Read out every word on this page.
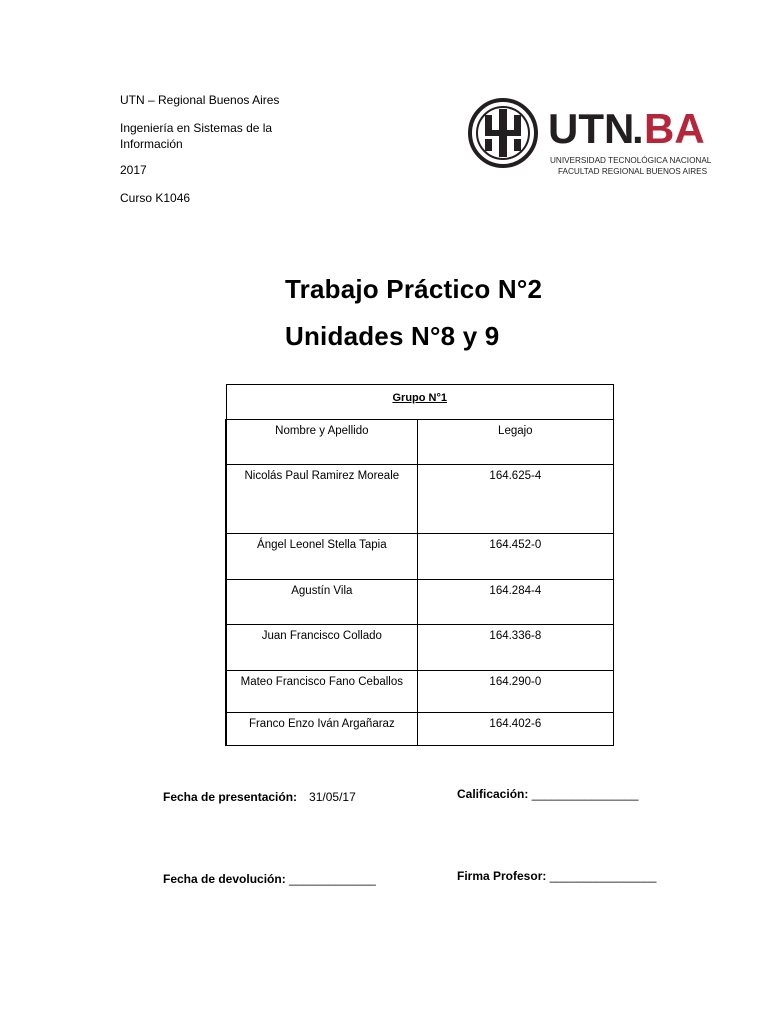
UTN – Regional Buenos Aires
Ingeniería en Sistemas de la Información
2017
Curso K1046
UTN
. BA
UNIVERSIDAD TECNOLÓGICA NACIONAL
FACULTAD REGIONAL BUENOS AIRES
Trabajo Práctico N°2
Unidades N°8 y 9
Grupo N°1	
Nombre y Apellido	Legajo
Nicolás Paul Ramirez Moreale	164.625-4
Ángel Leonel Stella Tapia	164.452-0
Agustín Vila	164.284-4
Juan Francisco Collado	164.336-8
Mateo Francisco Fano Ceballos	164.290-0
Franco Enzo Iván Argañaraz	164.402-6
Fecha de presentación: 31/05/17	Calificación: ________________
Fecha de devolución: _____________	Firma Profesor: ________________
